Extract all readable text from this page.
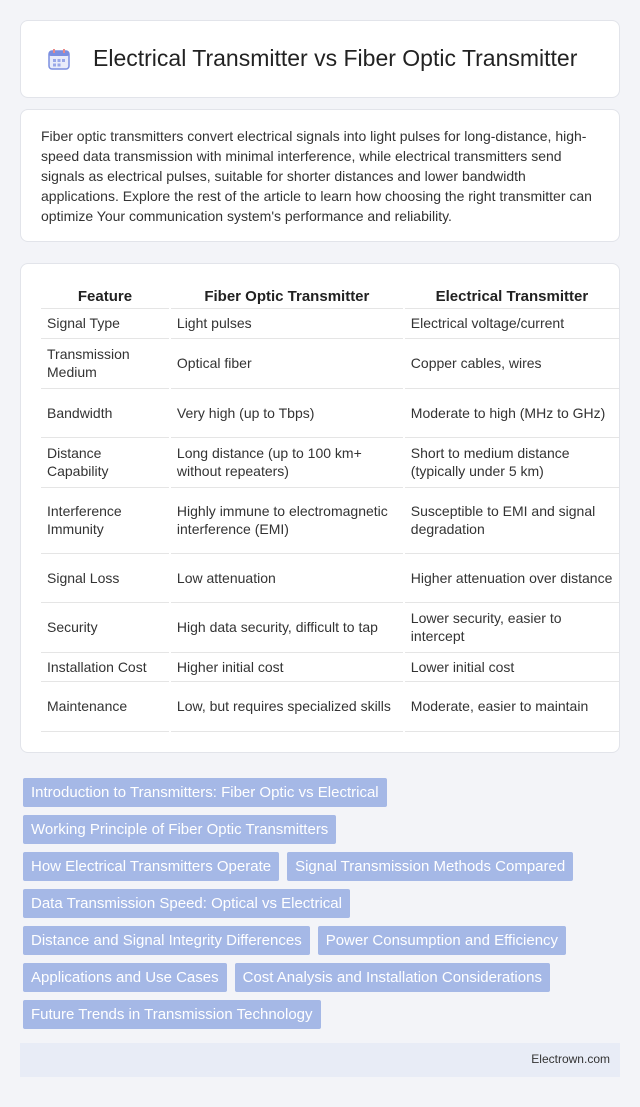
Electrical Transmitter vs Fiber Optic Transmitter

Fiber optic transmitters convert electrical signals into light pulses for long-distance, high-speed data transmission with minimal interference, while electrical transmitters send signals as electrical pulses, suitable for shorter distances and lower bandwidth applications. Explore the rest of the article to learn how choosing the right transmitter can optimize Your communication system's performance and reliability.

Feature	Fiber Optic Transmitter	Electrical Transmitter
Signal Type	Light pulses	Electrical voltage/current
Transmission Medium	Optical fiber	Copper cables, wires
Bandwidth	Very high (up to Tbps)	Moderate to high (MHz to GHz)
Distance Capability	Long distance (up to 100 km+ without repeaters)	Short to medium distance (typically under 5 km)
Interference Immunity	Highly immune to electromagnetic interference (EMI)	Susceptible to EMI and signal degradation
Signal Loss	Low attenuation	Higher attenuation over distance
Security	High data security, difficult to tap	Lower security, easier to intercept
Installation Cost	Higher initial cost	Lower initial cost
Maintenance	Low, but requires specialized skills	Moderate, easier to maintain
Introduction to Transmitters: Fiber Optic vs Electrical
Working Principle of Fiber Optic Transmitters
How Electrical Transmitters Operate	Signal Transmission Methods Compared
Data Transmission Speed: Optical vs Electrical
Distance and Signal Integrity Differences	Power Consumption and Efficiency
Applications and Use Cases	Cost Analysis and Installation Considerations
Future Trends in Transmission Technology
Electrown.com
